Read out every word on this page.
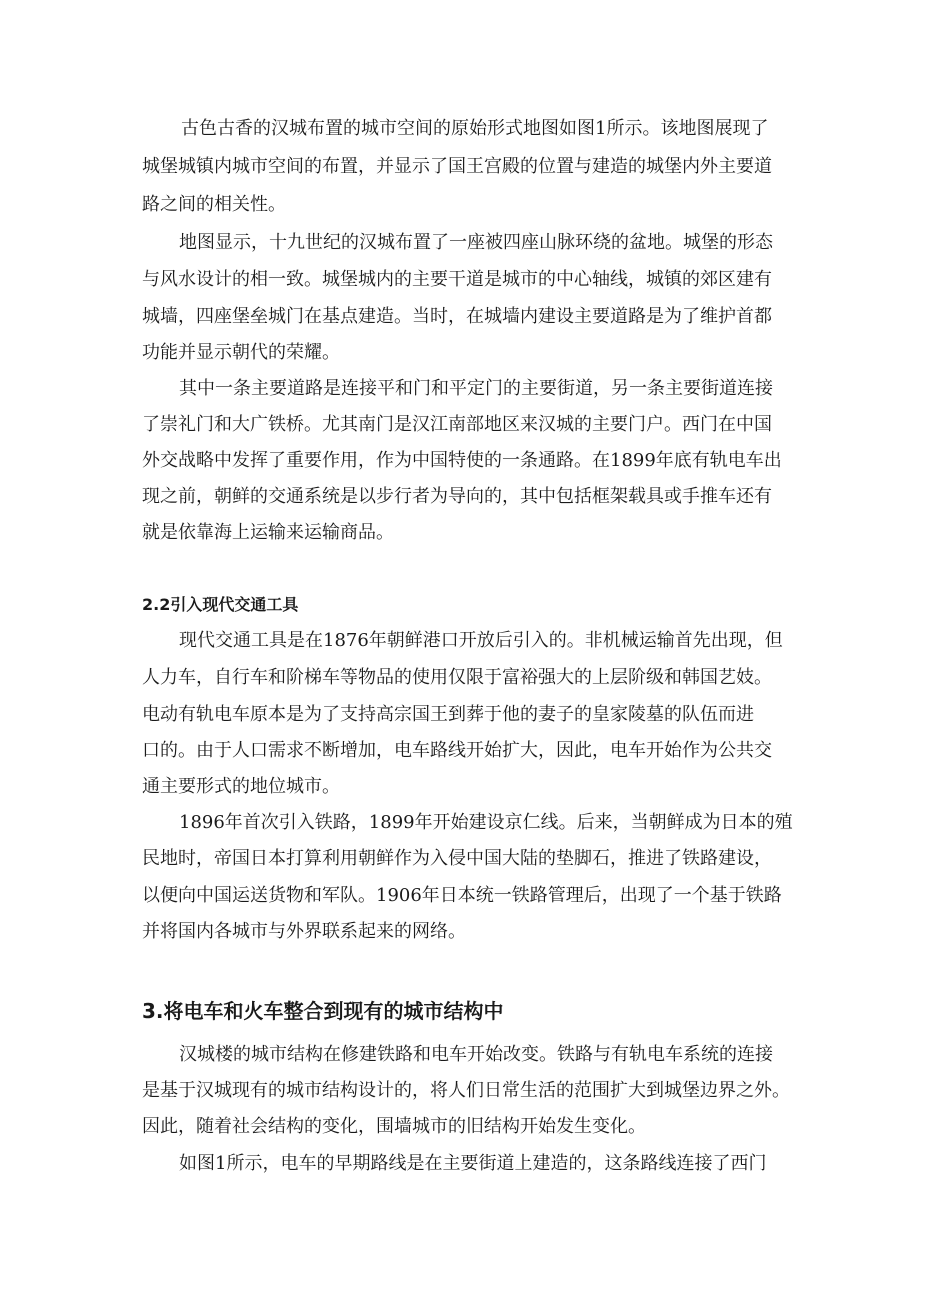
古色古香的汉城布置的城市空间的原始形式地图如图1所示。该地图展现了

城堡城镇内城市空间的布置，并显示了国王宫殿的位置与建造的城堡内外主要道

路之间的相关性。

地图显示，十九世纪的汉城布置了一座被四座山脉环绕的盆地。城堡的形态

与风水设计的相一致。城堡城内的主要干道是城市的中心轴线，城镇的郊区建有

城墙，四座堡垒城门在基点建造。当时，在城墙内建设主要道路是为了维护首都

功能并显示朝代的荣耀。

其中一条主要道路是连接平和门和平定门的主要街道，另一条主要街道连接

了崇礼门和大广铁桥。尤其南门是汉江南部地区来汉城的主要门户。西门在中国

外交战略中发挥了重要作用，作为中国特使的一条通路。在1899年底有轨电车出

现之前，朝鲜的交通系统是以步行者为导向的，其中包括框架载具或手推车还有

就是依靠海上运输来运输商品。

2.2引入现代交通工具

现代交通工具是在1876年朝鲜港口开放后引入的。非机械运输首先出现，但

人力车，自行车和阶梯车等物品的使用仅限于富裕强大的上层阶级和韩国艺妓。

电动有轨电车原本是为了支持高宗国王到葬于他的妻子的皇家陵墓的队伍而进

口的。由于人口需求不断增加，电车路线开始扩大，因此，电车开始作为公共交

通主要形式的地位城市。

1896年首次引入铁路，1899年开始建设京仁线。后来，当朝鲜成为日本的殖

民地时，帝国日本打算利用朝鲜作为入侵中国大陆的垫脚石，推进了铁路建设，

以便向中国运送货物和军队。1906年日本统一铁路管理后，出现了一个基于铁路

并将国内各城市与外界联系起来的网络。

3.将电车和火车整合到现有的城市结构中

汉城楼的城市结构在修建铁路和电车开始改变。铁路与有轨电车系统的连接

是基于汉城现有的城市结构设计的，将人们日常生活的范围扩大到城堡边界之外。

因此，随着社会结构的变化，围墙城市的旧结构开始发生变化。

如图1所示，电车的早期路线是在主要街道上建造的，这条路线连接了西门
